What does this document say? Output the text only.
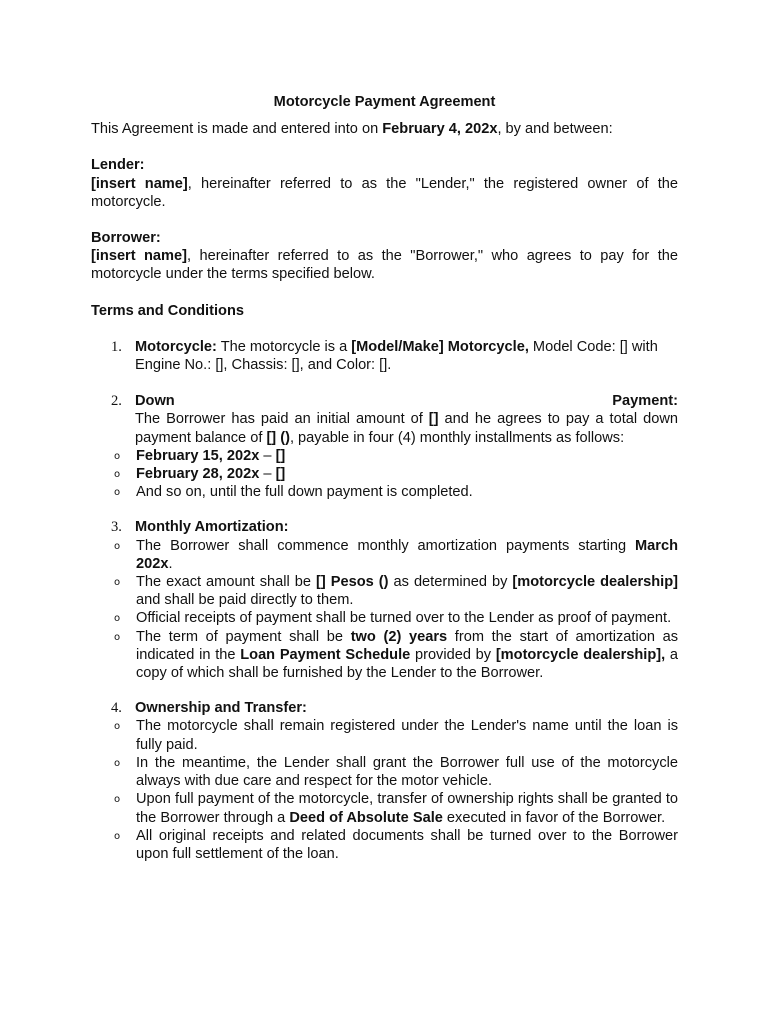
Motorcycle Payment Agreement

This Agreement is made and entered into on February 4, 202x, by and between:

Lender:

[insert name], hereinafter referred to as the "Lender," the registered owner of the motorcycle.

Borrower:

[insert name], hereinafter referred to as the "Borrower," who agrees to pay for the motorcycle under the terms specified below.

Terms and Conditions

1. Motorcycle: The motorcycle is a [Model/Make] Motorcycle, Model Code: [] with Engine No.: [], Chassis: [], and Color: [].

2. Down	Payment:

The Borrower has paid an initial amount of [] and he agrees to pay a total down payment balance of [] (), payable in four (4) monthly installments as follows:

o February 15, 202x – []
o February 28, 202x – []
o And so on, until the full down payment is completed.
3. Monthly Amortization:

o The Borrower shall commence monthly amortization payments starting March 202x.
o The exact amount shall be [] Pesos () as determined by [motorcycle dealership] and shall be paid directly to them.
o Official receipts of payment shall be turned over to the Lender as proof of payment.
o The term of payment shall be two (2) years from the start of amortization as indicated in the Loan Payment Schedule provided by [motorcycle dealership], a copy of which shall be furnished by the Lender to the Borrower.
4. Ownership and Transfer:

o The motorcycle shall remain registered under the Lender's name until the loan is fully paid.
o In the meantime, the Lender shall grant the Borrower full use of the motorcycle always with due care and respect for the motor vehicle.
o Upon full payment of the motorcycle, transfer of ownership rights shall be granted to the Borrower through a Deed of Absolute Sale executed in favor of the Borrower.
o All original receipts and related documents shall be turned over to the Borrower upon full settlement of the loan.
